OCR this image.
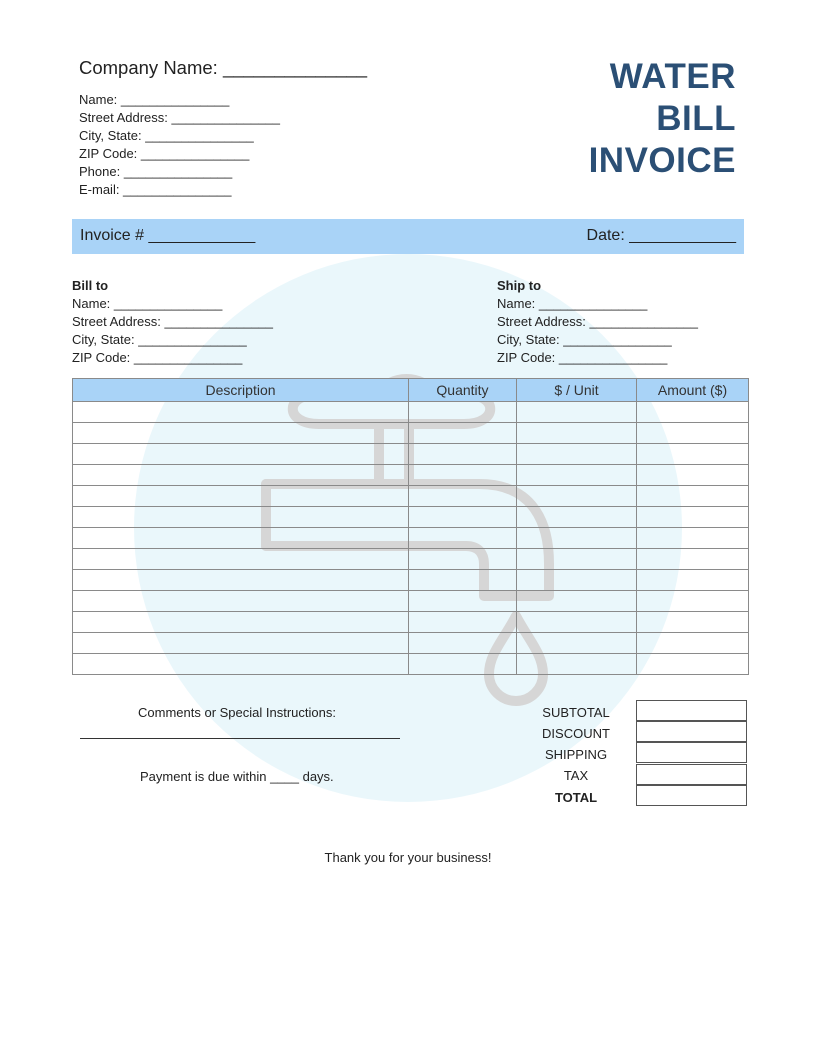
Company Name: ______________
Name: _______________
Street Address: _______________
City, State: _______________
ZIP Code: _______________
Phone: _______________
E-mail: _______________
WATER
BILL
INVOICE
Invoice # ____________	Date: ____________
Bill to
Name: _______________
Street Address: _______________
City, State: _______________
ZIP Code: _______________
Ship to
Name: _______________
Street Address: _______________
City, State: _______________
ZIP Code: _______________
Description	Quantity	$ / Unit	Amount ($)

Comments or Special Instructions:
Payment is due within ____ days.
SUBTOTAL
DISCOUNT
SHIPPING
TAX
TOTAL
Thank you for your business!
